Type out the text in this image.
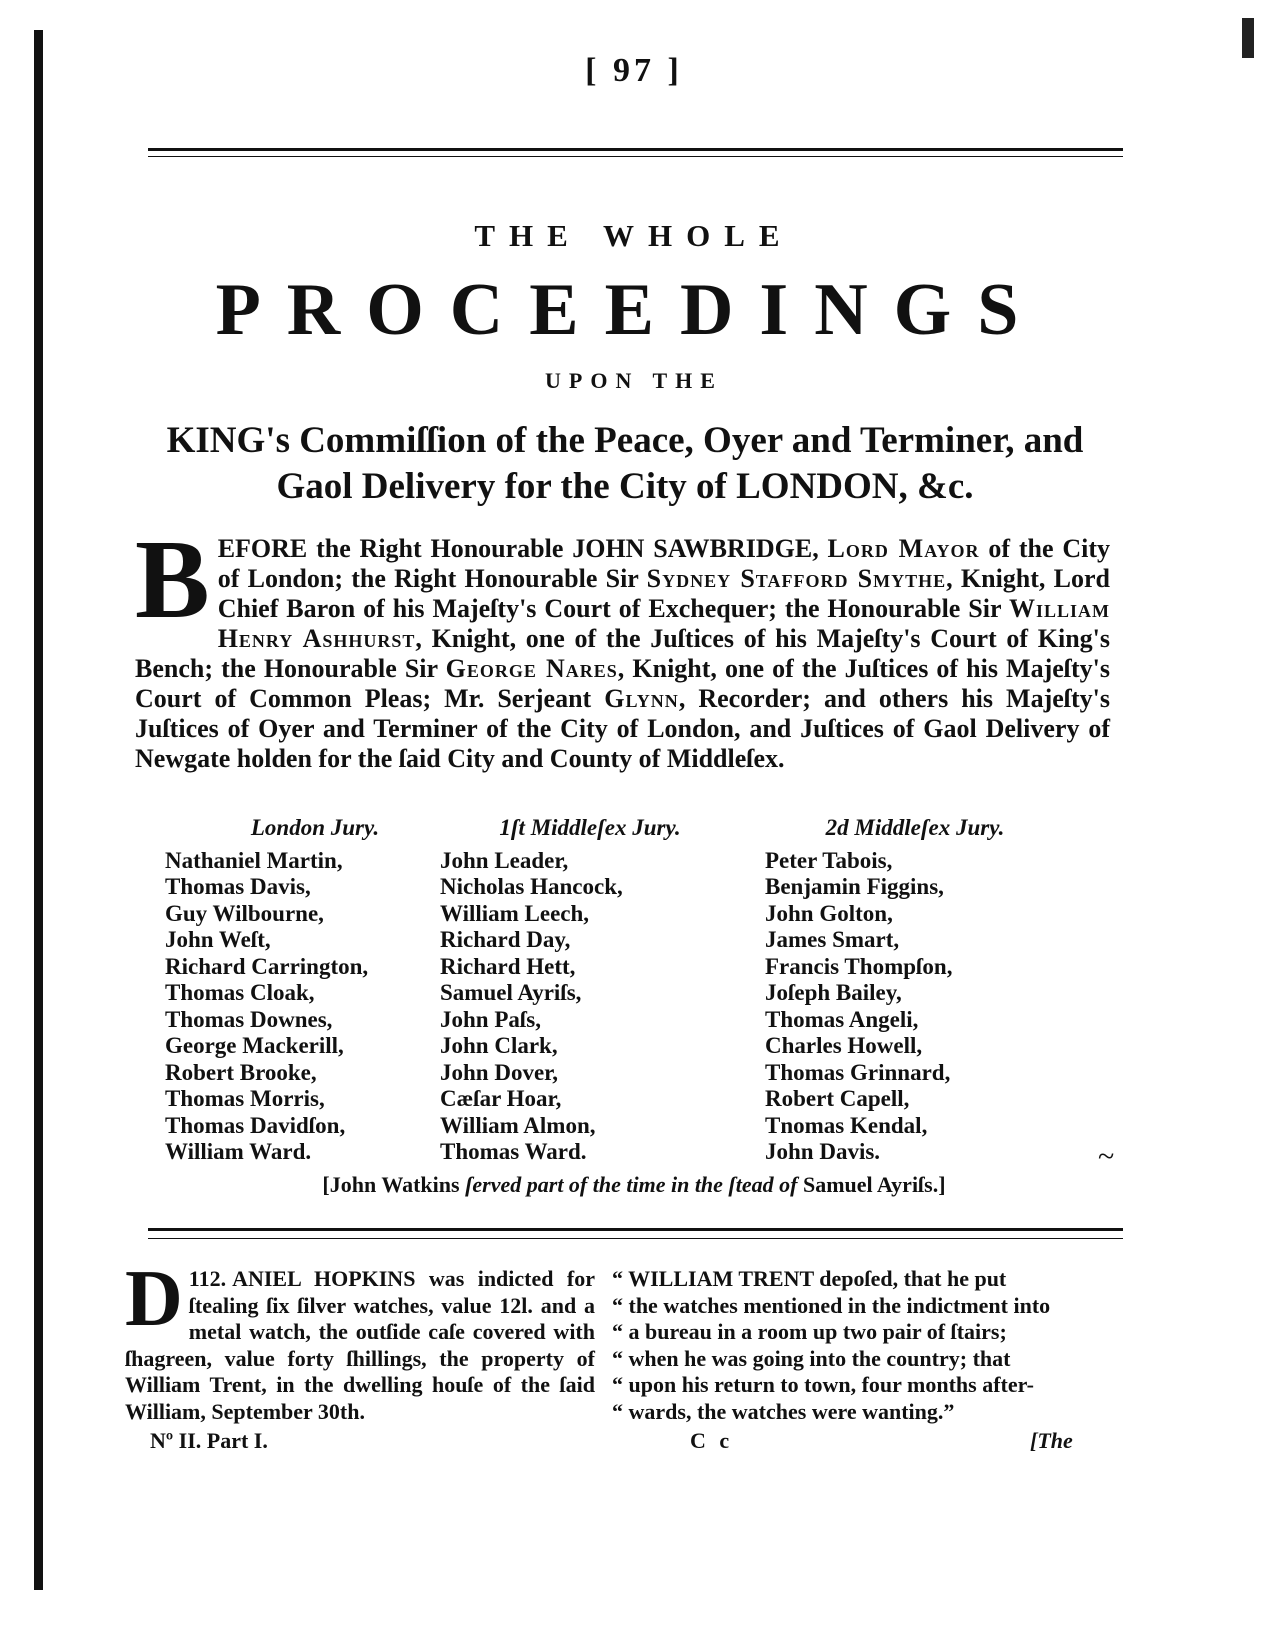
[ 97 ]
THE WHOLE
PROCEEDINGS
UPON THE
KING's Commiſſion of the Peace, Oyer and Terminer, and
Gaol Delivery for the City of LONDON, &c.
B EFORE the Right Honourable JOHN SAWBRIDGE, Lord Mayor of the City of London; the Right Honourable Sir Sydney Stafford Smythe, Knight, Lord Chief Baron of his Majeſty's Court of Exchequer; the Honourable Sir William Henry Ashhurst, Knight, one of the Juſtices of his Majeſty's Court of King's Bench; the Honourable Sir George Nares, Knight, one of the Juſtices of his Majeſty's Court of Common Pleas; Mr. Serjeant Glynn, Recorder; and others his Majeſty's Juſtices of Oyer and Terminer of the City of London, and Juſtices of Gaol Delivery of Newgate holden for the ſaid City and County of Middleſex.
London Jury.
Nathaniel Martin,
Thomas Davis,
Guy Wilbourne,
John Weſt,
Richard Carrington,
Thomas Cloak,
Thomas Downes,
George Mackerill,
Robert Brooke,
Thomas Morris,
Thomas Davidſon,
William Ward.
1ſt Middleſex Jury.
John Leader,
Nicholas Hancock,
William Leech,
Richard Day,
Richard Hett,
Samuel Ayriſs,
John Paſs,
John Clark,
John Dover,
Cæſar Hoar,
William Almon,
Thomas Ward.
2d Middleſex Jury.
Peter Tabois,
Benjamin Figgins,
John Golton,
James Smart,
Francis Thompſon,
Joſeph Bailey,
Thomas Angeli,
Charles Howell,
Thomas Grinnard,
Robert Capell,
Tnomas Kendal,
John Davis.
[John Watkins ſerved part of the time in the ſtead of Samuel Ayriſs.]
112.
D ANIEL HOPKINS was indicted for ſtealing ſix ſilver watches, value 12l. and a metal watch, the outſide caſe covered with ſhagreen, value forty ſhillings, the property of William Trent, in the dwelling houſe of the ſaid William, September 30th.
“ WILLIAM TRENT depoſed, that he put
“ the watches mentioned in the indictment into
“ a bureau in a room up two pair of ſtairs;
“ when he was going into the country; that
“ upon his return to town, four months after-
“ wards, the watches were wanting.”
Nº II. Part I.	C c	[The
~
